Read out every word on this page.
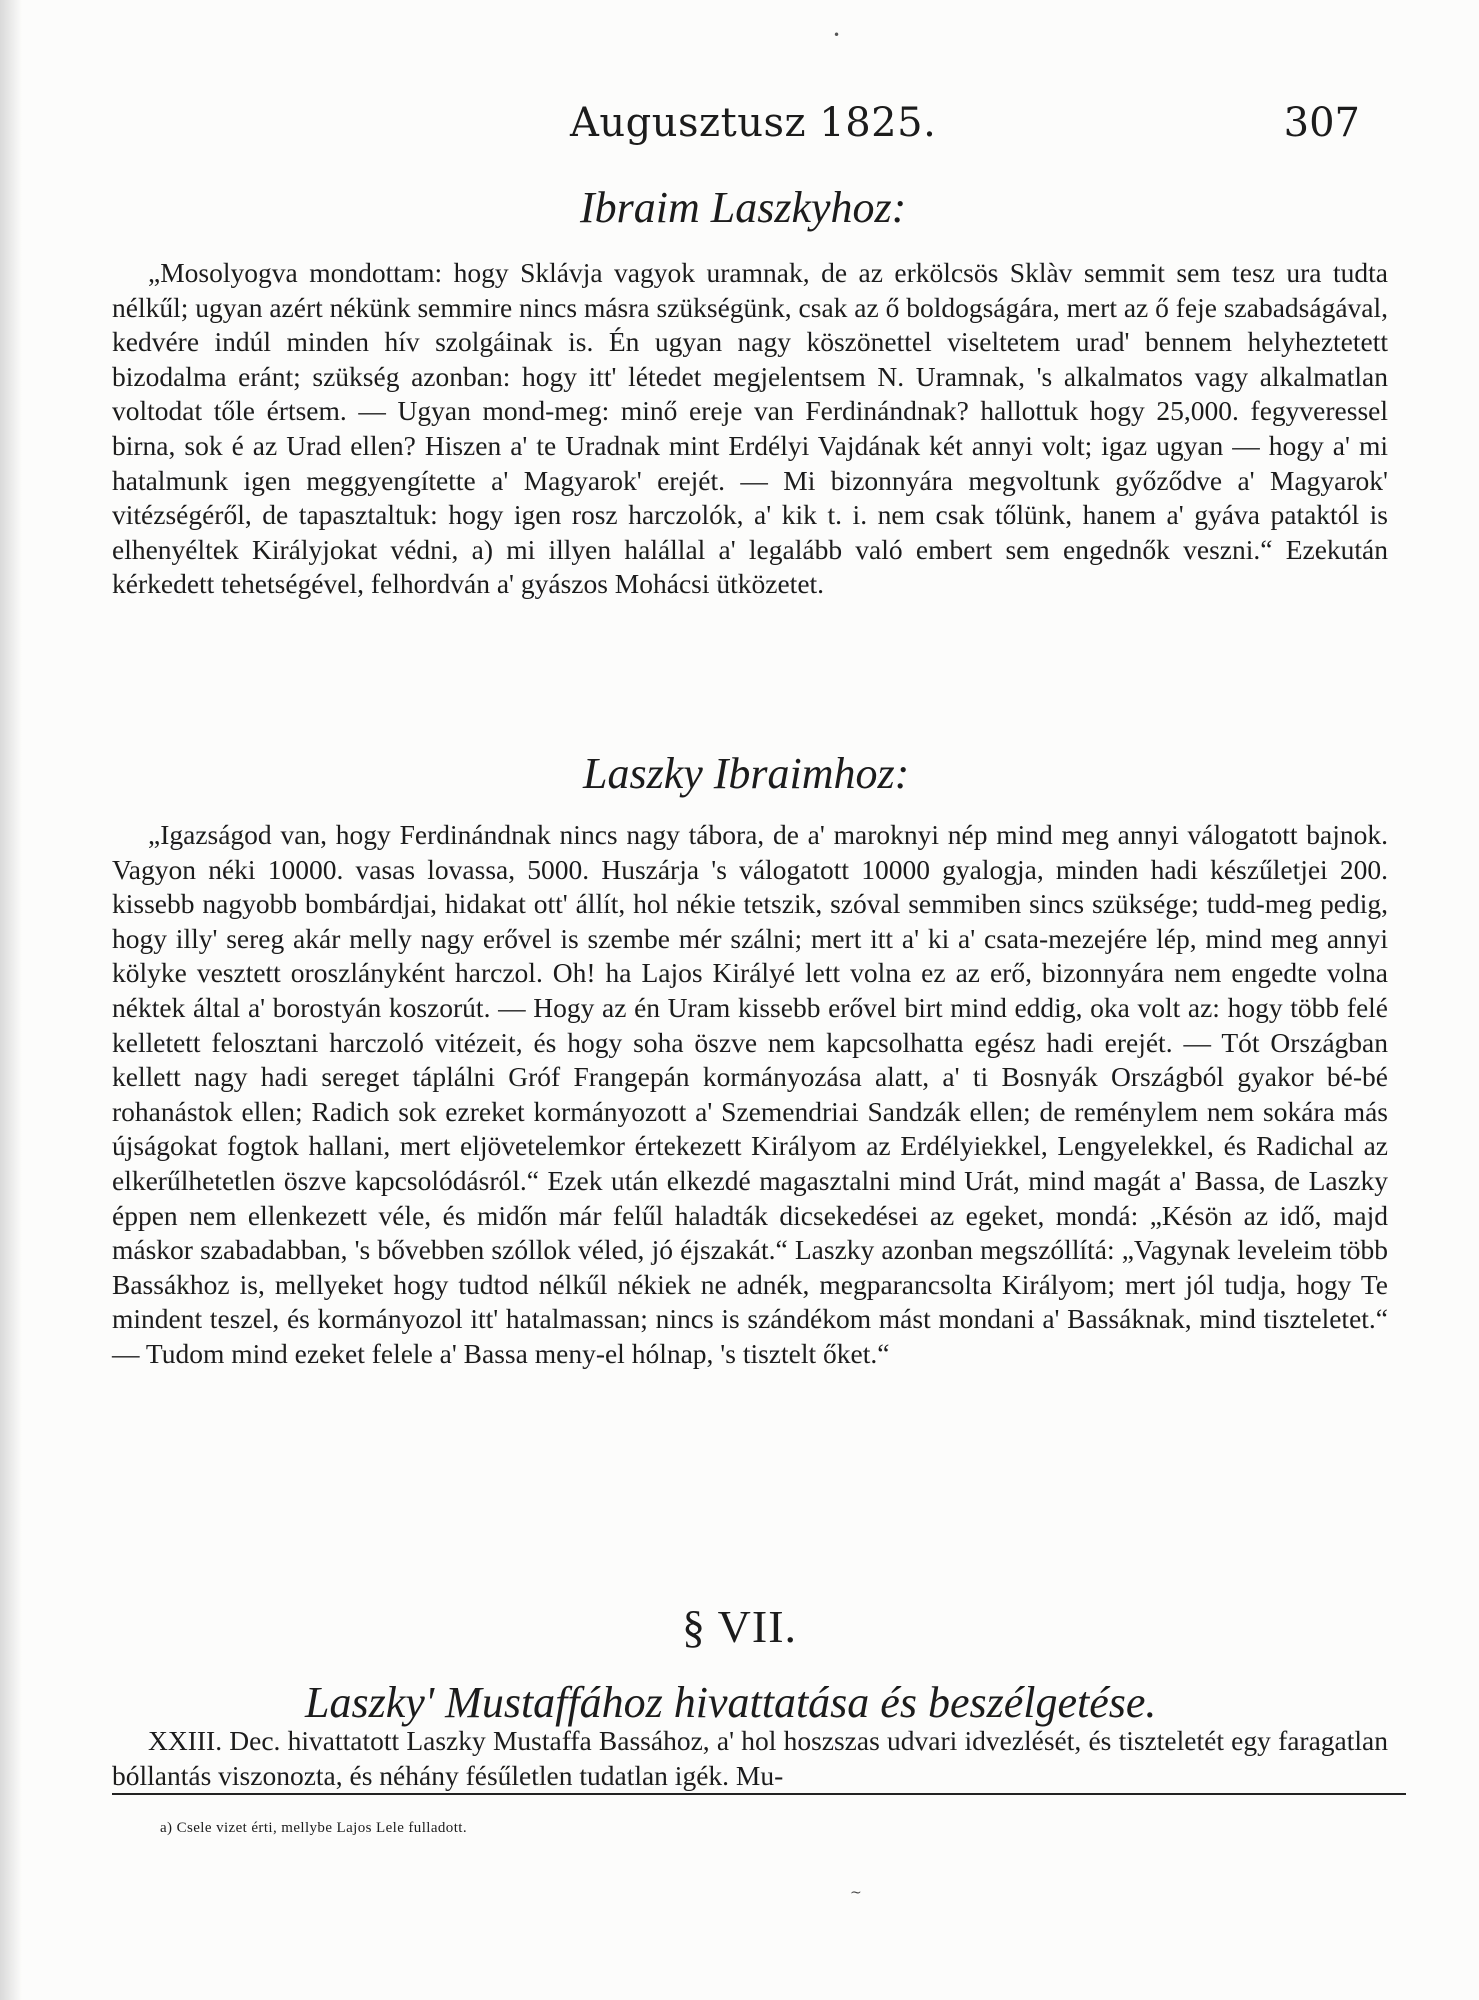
•
Augusztusz 1825.	307
Ibraim Laszkyhoz:

„Mosolyogva mondottam: hogy Sklávja vagyok uramnak, de az erkölcsös Sklàv semmit sem tesz ura tudta nélkűl; ugyan azért nékünk semmire nincs másra szükségünk, csak az ő boldogságára, mert az ő feje szabadságával, kedvére indúl minden hív szolgáinak is. Én ugyan nagy köszönettel viseltetem urad' bennem helyheztetett bizodalma eránt; szükség azonban: hogy itt' létedet megjelentsem N. Uramnak, 's alkalmatos vagy alkalmatlan voltodat tőle értsem. — Ugyan mond-meg: minő ereje van Ferdinándnak? hallottuk hogy 25,000. fegyveressel birna, sok é az Urad ellen? Hiszen a' te Uradnak mint Erdélyi Vajdának két annyi volt; igaz ugyan — hogy a' mi hatalmunk igen meggyengítette a' Magyarok' erejét. — Mi bizonnyára megvoltunk győződve a' Magyarok' vitézségéről, de tapasztaltuk: hogy igen rosz harczolók, a' kik t. i. nem csak tőlünk, hanem a' gyáva pataktól is elhenyéltek Királyjokat védni, a) mi illyen halállal a' legalább való embert sem engednők veszni.“ Ezekután kérkedett tehetségével, felhordván a' gyászos Mohácsi ütközetet.

Laszky Ibraimhoz:

„Igazságod van, hogy Ferdinándnak nincs nagy tábora, de a' maroknyi nép mind meg annyi válogatott bajnok. Vagyon néki 10000. vasas lovassa, 5000. Huszárja 's válogatott 10000 gyalogja, minden hadi készűletjei 200. kissebb nagyobb bombárdjai, hidakat ott' állít, hol nékie tetszik, szóval semmiben sincs szüksége; tudd-meg pedig, hogy illy' sereg akár melly nagy erővel is szembe mér szálni; mert itt a' ki a' csata-mezejére lép, mind meg annyi kölyke vesztett oroszlányként harczol. Oh! ha Lajos Királyé lett volna ez az erő, bizonnyára nem engedte volna néktek által a' borostyán koszorút. — Hogy az én Uram kissebb erővel birt mind eddig, oka volt az: hogy több felé kelletett felosztani harczoló vitézeit, és hogy soha öszve nem kapcsolhatta egész hadi erejét. — Tót Országban kellett nagy hadi sereget táplálni Gróf Frangepán kormányozása alatt, a' ti Bosnyák Országból gyakor bé-bé rohanástok ellen; Radich sok ezreket kormányozott a' Szemendriai Sandzák ellen; de reménylem nem sokára más újságokat fogtok hallani, mert eljövetelemkor értekezett Királyom az Erdélyiekkel, Lengyelekkel, és Radichal az elkerűlhetetlen öszve kapcsolódásról.“ Ezek után elkezdé magasztalni mind Urát, mind magát a' Bassa, de Laszky éppen nem ellenkezett véle, és midőn már felűl haladták dicsekedései az egeket, mondá: „Késön az idő, majd máskor szabadabban, 's bővebben szóllok véled, jó éjszakát.“ Laszky azonban megszóllítá: „Vagynak leveleim több Bassákhoz is, mellyeket hogy tudtod nélkűl nékiek ne adnék, megparancsolta Királyom; mert jól tudja, hogy Te mindent teszel, és kormányozol itt' hatalmassan; nincs is szándékom mást mondani a' Bassáknak, mind tiszteletet.“ — Tudom mind ezeket felele a' Bassa meny-el hólnap, 's tisztelt őket.“

§ VII.
Laszky' Mustaffához hivattatása és beszélgetése.

XXIII. Dec. hivattatott Laszky Mustaffa Bassához, a' hol hoszszas udvari idvezlését, és tiszteletét egy faragatlan bóllantás viszonozta, és néhány fésűletlen tudatlan igék. Mu-

a) Csele vizet érti, mellybe Lajos Lele fulladott.
~
